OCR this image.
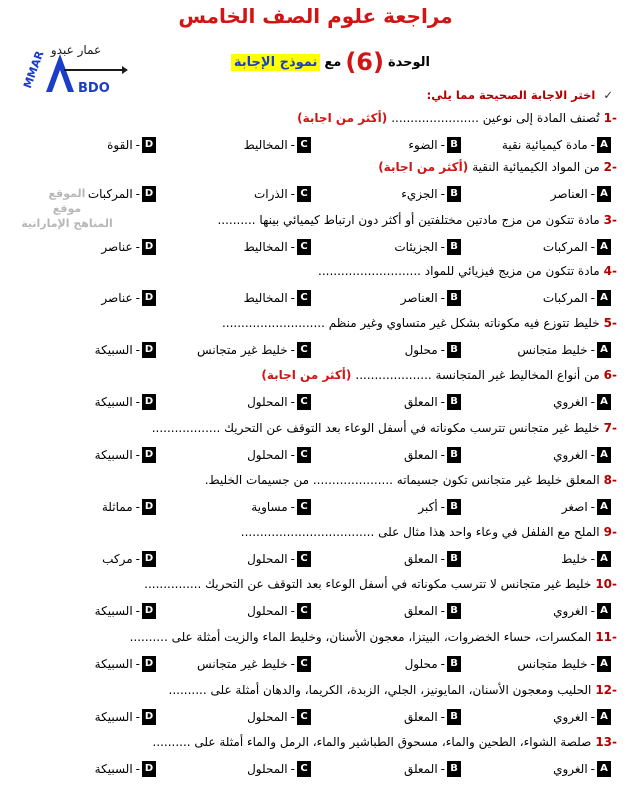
مراجعة علوم الصف الخامس
الوحدة
(6)
مع
نموذج الإجابة
عمار عبدو
MMAR BDO	✓ اختر الاجابة الصحيحة مما يلي:
الموقع
موقع
المناهج الإماراتية
-1
تُصنف المادة إلى نوعين .......................
(أكثر من اجابة)
A
-
مادة كيميائية نقية
B
-
الضوء
C
-
المخاليط
D
-
القوة
-2
من المواد الكيميائية النقية
(أكثر من اجابة)
A
-
العناصر
B
-
الجزيء
C
-
الذرات
D
-
المركبات
-3
مادة تتكون من مزج مادتين مختلفتين أو أكثر دون ارتباط كيميائي بينها ..........
A
-
المركبات
B
-
الجزيئات
C
-
المخاليط
D
-
عناصر
-4
مادة تتكون من مزيج فيزيائي للمواد ...........................
A
-
المركبات
B
-
العناصر
C
-
المخاليط
D
-
عناصر
-5
خليط تتوزع فيه مكوناته بشكل غير متساوي وغير منظم ...........................
A
-
خليط متجانس
B
-
محلول
C
-
خليط غير متجانس
D
-
السبيكة
-6
من أنواع المخاليط غير المتجانسة ....................
(أكثر من اجابة)
A
-
الغروي
B
-
المعلق
C
-
المحلول
D
-
السبيكة
-7
خليط غير متجانس تترسب مكوناته في أسفل الوعاء بعد التوقف عن التحريك ..................
A
-
الغروي
B
-
المعلق
C
-
المحلول
D
-
السبيكة
-8
المعلق خليط غير متجانس تكون جسيماته ..................... من جسيمات الخليط.
A
-
اصغر
B
-
أكبر
C
-
مساوية
D
-
مماثلة
-9
الملح مع الفلفل في وعاء واحد هذا مثال على ...................................
A
-
خليط
B
-
المعلق
C
-
المحلول
D
-
مركب
-10
خليط غير متجانس لا تترسب مكوناته في أسفل الوعاء بعد التوقف عن التحريك ...............
A
-
الغروي
B
-
المعلق
C
-
المحلول
D
-
السبيكة
-11
المكسرات، حساء الخضروات، البيتزا، معجون الأسنان، وخليط الماء والزيت أمثلة على ..........
A
-
خليط متجانس
B
-
محلول
C
-
خليط غير متجانس
D
-
السبيكة
-12
الحليب ومعجون الأسنان، المايونيز، الجلي، الزبدة، الكريما، والدهان أمثلة على ..........
A
-
الغروي
B
-
المعلق
C
-
المحلول
D
-
السبيكة
-13
صلصة الشواء، الطحين والماء، مسحوق الطباشير والماء، الرمل والماء أمثلة على ..........
A
-
الغروي
B
-
المعلق
C
-
المحلول
D
-
السبيكة
